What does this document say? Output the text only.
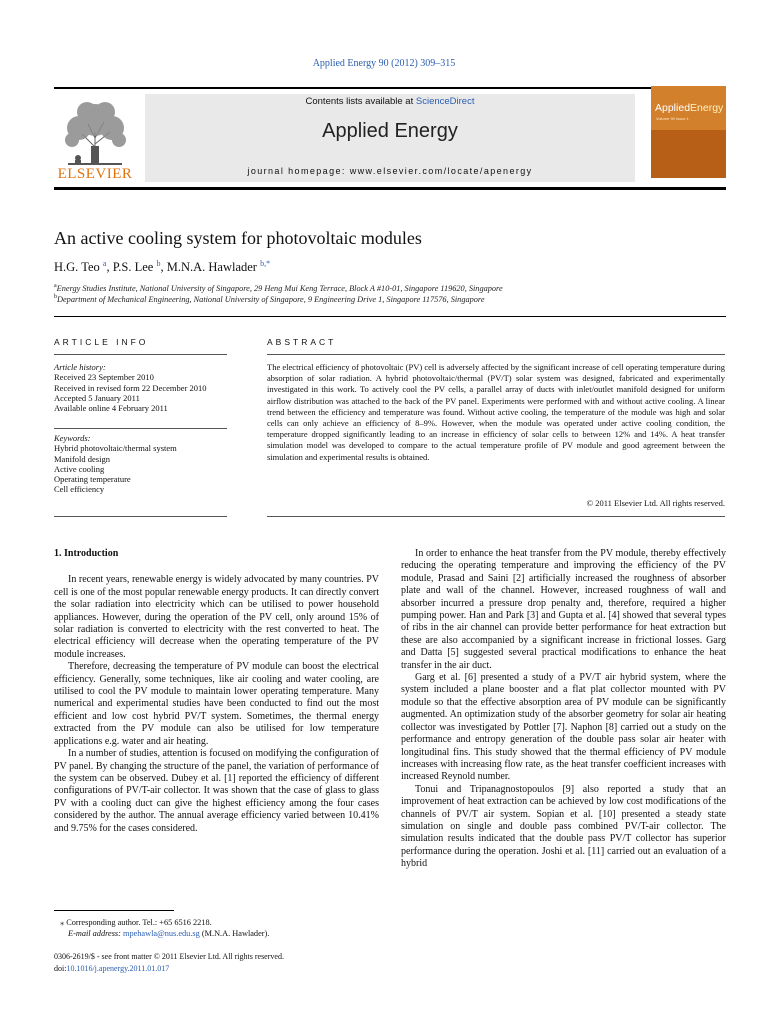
Applied Energy 90 (2012) 309–315
ELSEVIER
Contents lists available at ScienceDirect
Applied Energy
journal homepage: www.elsevier.com/locate/apenergy
AppliedEnergy
Volume 90 Issue 1
An active cooling system for photovoltaic modules
H.G. Teo $^a$, P.S. Lee $^b$, M.N.A. Hawlader $^{b,*}$
$^a$Energy Studies Institute, National University of Singapore, 29 Heng Mui Keng Terrace, Block A #10-01, Singapore 119620, Singapore
$^b$Department of Mechanical Engineering, National University of Singapore, 9 Engineering Drive 1, Singapore 117576, Singapore
ARTICLE INFO
Article history:
Received 23 September 2010
Received in revised form 22 December 2010
Accepted 5 January 2011
Available online 4 February 2011
Keywords:
Hybrid photovoltaic/thermal system
Manifold design
Active cooling
Operating temperature
Cell efficiency
ABSTRACT
The electrical efficiency of photovoltaic (PV) cell is adversely affected by the significant increase of cell operating temperature during absorption of solar radiation. A hybrid photovoltaic/thermal (PV/T) solar system was designed, fabricated and experimentally investigated in this work. To actively cool the PV cells, a parallel array of ducts with inlet/outlet manifold designed for uniform airflow distribution was attached to the back of the PV panel. Experiments were performed with and without active cooling. A linear trend between the efficiency and temperature was found. Without active cooling, the temperature of the module was high and solar cells can only achieve an efficiency of 8–9%. However, when the module was operated under active cooling condition, the temperature dropped significantly leading to an increase in efficiency of solar cells to between 12% and 14%. A heat transfer simulation model was developed to compare to the actual temperature profile of PV module and good agreement between the simulation and experimental results is obtained.
© 2011 Elsevier Ltd. All rights reserved.
1. Introduction

In recent years, renewable energy is widely advocated by many countries. PV cell is one of the most popular renewable energy products. It can directly convert the solar radiation into electricity which can be utilised to power household appliances. However, during the operation of the PV cell, only around 15% of solar radiation is converted to electricity with the rest converted to heat. The electrical efficiency will decrease when the operating temperature of the PV module increases.

Therefore, decreasing the temperature of PV module can boost the electrical efficiency. Generally, some techniques, like air cooling and water cooling, are utilised to cool the PV module to maintain lower operating temperature. Many numerical and experimental studies have been conducted to find out the most efficient and low cost hybrid PV/T system. Sometimes, the thermal energy extracted from the PV module can also be utilised for low temperature applications e.g. water and air heating.

In a number of studies, attention is focused on modifying the configuration of PV panel. By changing the structure of the panel, the variation of performance of the system can be observed. Dubey et al. [1] reported the efficiency of different configurations of PV/T-air collector. It was shown that the case of glass to glass PV with a cooling duct can give the highest efficiency among the four cases considered by the author. The annual average efficiency varied between 10.41% and 9.75% for the cases considered.

In order to enhance the heat transfer from the PV module, thereby effectively reducing the operating temperature and improving the efficiency of the PV module, Prasad and Saini [2] artificially increased the roughness of absorber plate and wall of the channel. However, increased roughness of wall and absorber incurred a pressure drop penalty and, therefore, required a higher pumping power. Han and Park [3] and Gupta et al. [4] showed that several types of ribs in the air channel can provide better performance for heat extraction but these are also accompanied by a significant increase in frictional losses. Garg and Datta [5] suggested several practical modifications to enhance the heat transfer in the air duct.

Garg et al. [6] presented a study of a PV/T air hybrid system, where the system included a plane booster and a flat plat collector mounted with PV module so that the effective absorption area of PV module can be significantly augmented. An optimization study of the absorber geometry for solar air heating collector was investigated by Pottler [7]. Naphon [8] carried out a study on the performance and entropy generation of the double pass solar air heater with longitudinal fins. This study showed that the thermal efficiency of PV module increases with increasing flow rate, as the heat transfer coefficient increases with increased Reynold number.

Tonui and Tripanagnostopoulos [9] also reported a study that an improvement of heat extraction can be achieved by low cost modifications of the channels of PV/T air system. Sopian et al. [10] presented a steady state simulation on single and double pass combined PV/T-air collector. The simulation results indicated that the double pass PV/T collector has superior performance during the operation. Joshi et al. [11] carried out an evaluation of a hybrid

⁎ Corresponding author. Tel.: +65 6516 2218.
E-mail address: mpehawla@nus.edu.sg (M.N.A. Hawlader).
0306-2619/$ - see front matter © 2011 Elsevier Ltd. All rights reserved.
doi:10.1016/j.apenergy.2011.01.017
